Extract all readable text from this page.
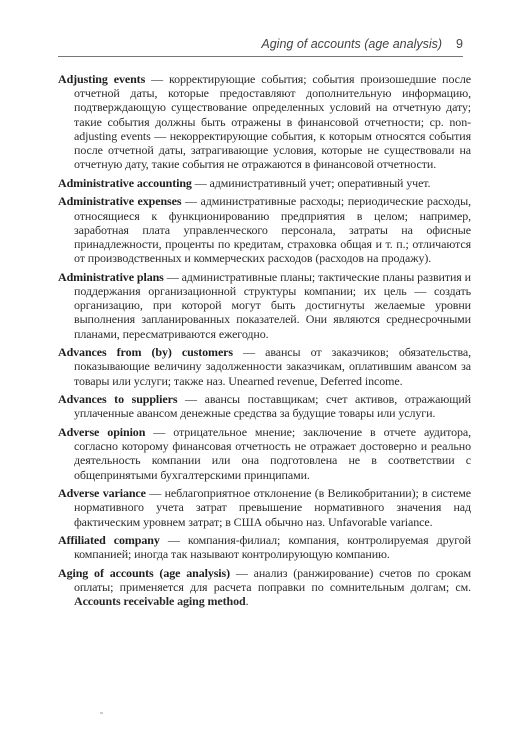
Aging of accounts (age analysis) 9

Adjusting events — корректирующие события; события произошедшие после отчетной даты, которые предоставляют дополнительную информацию, подтверждающую существование определенных условий на отчетную дату; такие события должны быть отражены в финансовой отчетности; ср. non-adjusting events — некорректирующие события, к которым относятся события после отчетной даты, затрагивающие условия, которые не существовали на отчетную дату, такие события не отражаются в финансовой отчетности.

Administrative accounting — административный учет; оперативный учет.

Administrative expenses — административные расходы; периодические расходы, относящиеся к функционированию предприятия в целом; например, заработная плата управленческого персонала, затраты на офисные принадлежности, проценты по кредитам, страховка общая и т. п.; отличаются от производственных и коммерческих расходов (расходов на продажу).

Administrative plans — административные планы; тактические планы развития и поддержания организационной структуры компании; их цель — создать организацию, при которой могут быть достигнуты желаемые уровни выполнения запланированных показателей. Они являются среднесрочными планами, пересматриваются ежегодно.

Advances from (by) customers — авансы от заказчиков; обязательства, показывающие величину задолженности заказчикам, оплатившим авансом за товары или услуги; также наз. Unearned revenue, Deferred income.

Advances to suppliers — авансы поставщикам; счет активов, отражающий уплаченные авансом денежные средства за будущие товары или услуги.

Adverse opinion — отрицательное мнение; заключение в отчете аудитора, согласно которому финансовая отчетность не отражает достоверно и реально деятельность компании или она подготовлена не в соответствии с общепринятыми бухгалтерскими принципами.

Adverse variance — неблагоприятное отклонение (в Великобритании); в системе нормативного учета затрат превышение нормативного значения над фактическим уровнем затрат; в США обычно наз. Unfavorable variance.

Affiliated company — компания-филиал; компания, контролируемая другой компанией; иногда так называют контролирующую компанию.

Aging of accounts (age analysis) — анализ (ранжирование) счетов по срокам оплаты; применяется для расчета поправки по сомнительным долгам; см. Accounts receivable aging method.
